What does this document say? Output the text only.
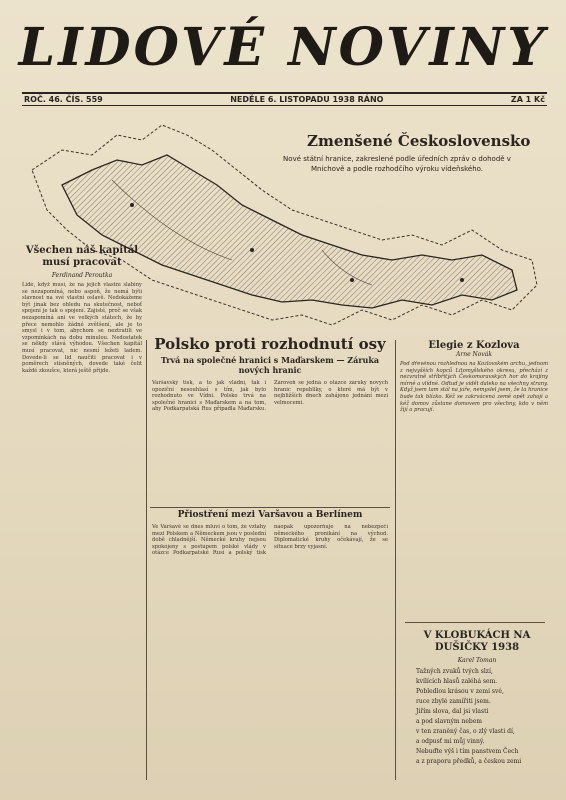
LIDOVÉ NOVINY
ROČ. 46. ČÍS. 559	NEDĚLE 6. LISTOPADU 1938 RÁNO	ZA 1 Kč
Zmenšené Československo
Nové státní hranice, zakreslené podle úředních zpráv o dohodě v Mnichově a podle rozhodčího výroku vídeňského.
Všechen náš kapitál musí pracovat
Ferdinand Peroutka
Lidé, když musí, že na jejich vlastní slabiny se nezapomíná, nebo aspoň, že nemá býti slavnost na své vlastní oslavě. Nedokážeme být jinak bez ohledu na skutečnost, neboť spojení je tak o spojení. Zajisté, proč se však nezapomíná ani ve velkých státech, že by přece nemohlo žádné zvětšení, ale je to smysl i v tom, abychom se neztratili ve vzpomínkách na dobu minulou. Nedostatek se někdy stává výhodou. Všechen kapitál musí pracovat, nic nesmí ležeti ladem. Dovede-li se lid naučiti pracovat i v poměrech stísněných, dovede také čelit každé zkoušce, která ještě přijde.
Polsko proti rozhodnutí osy
Trvá na společné hranici s Maďarskem — Záruka nových hranic
Varšavský tisk, a to jak vládní, tak i opoziční nesouhlasí s tím, jak bylo rozhodnuto ve Vídni. Polsko trvá na společné hranici s Maďarskem a na tom, aby Podkarpatská Rus připadla Maďarsku. Zároveň se jedná o otázce záruky nových hranic republiky, o které má být v nejbližších dnech zahájeno jednání mezi velmocemi.
Přiostření mezi Varšavou a Berlínem
Ve Varšavě se dnes mluví o tom, že vztahy mezi Polskem a Německem jsou v poslední době chladnější. Německé kruhy nejsou spokojeny s postupem polské vlády v otázce Podkarpatské Rusi a polský tisk naopak upozorňuje na nebezpečí německého pronikání na východ. Diplomatické kruhy očekávají, že se situace brzy vyjasní.
Elegie z Kozlova
Arne Novák
Pod dřevěnou rozhlednou na Kozlovském archu, jednom z nejvyšších kopců Litomyšlského okresu, přechází z nezvratně stříbřitých Českomoravských hor do krajiny mírné a vlídné. Odtud je vidět daleko na všechny strany. Když jsem tam stál na jaře, nemyslel jsem, že ta hranice bude tak blízko. Kéž se zakrvácená země opět zahojí a kéž domov zůstane domovem pro všechny, kdo v něm žijí a pracují.
V KLOBUKÁCH NA DUŠIČKY 1938
Karel Toman
Tažných zvuků tvých slzí,
kvílících hlasů zaléhá sem.
Pobledlou krásou v zemi své,
ruce zbylé zamířiti jsem.
Jiřím slova, dal jsi vlasti
a pod slavným nebem
v ten zraněný čas, o zlý vlasti dí,
a odpusť mi můj vinný.
Nebuďte výš i tím panstvem Čech
a z praporu předků, a českou zemi
